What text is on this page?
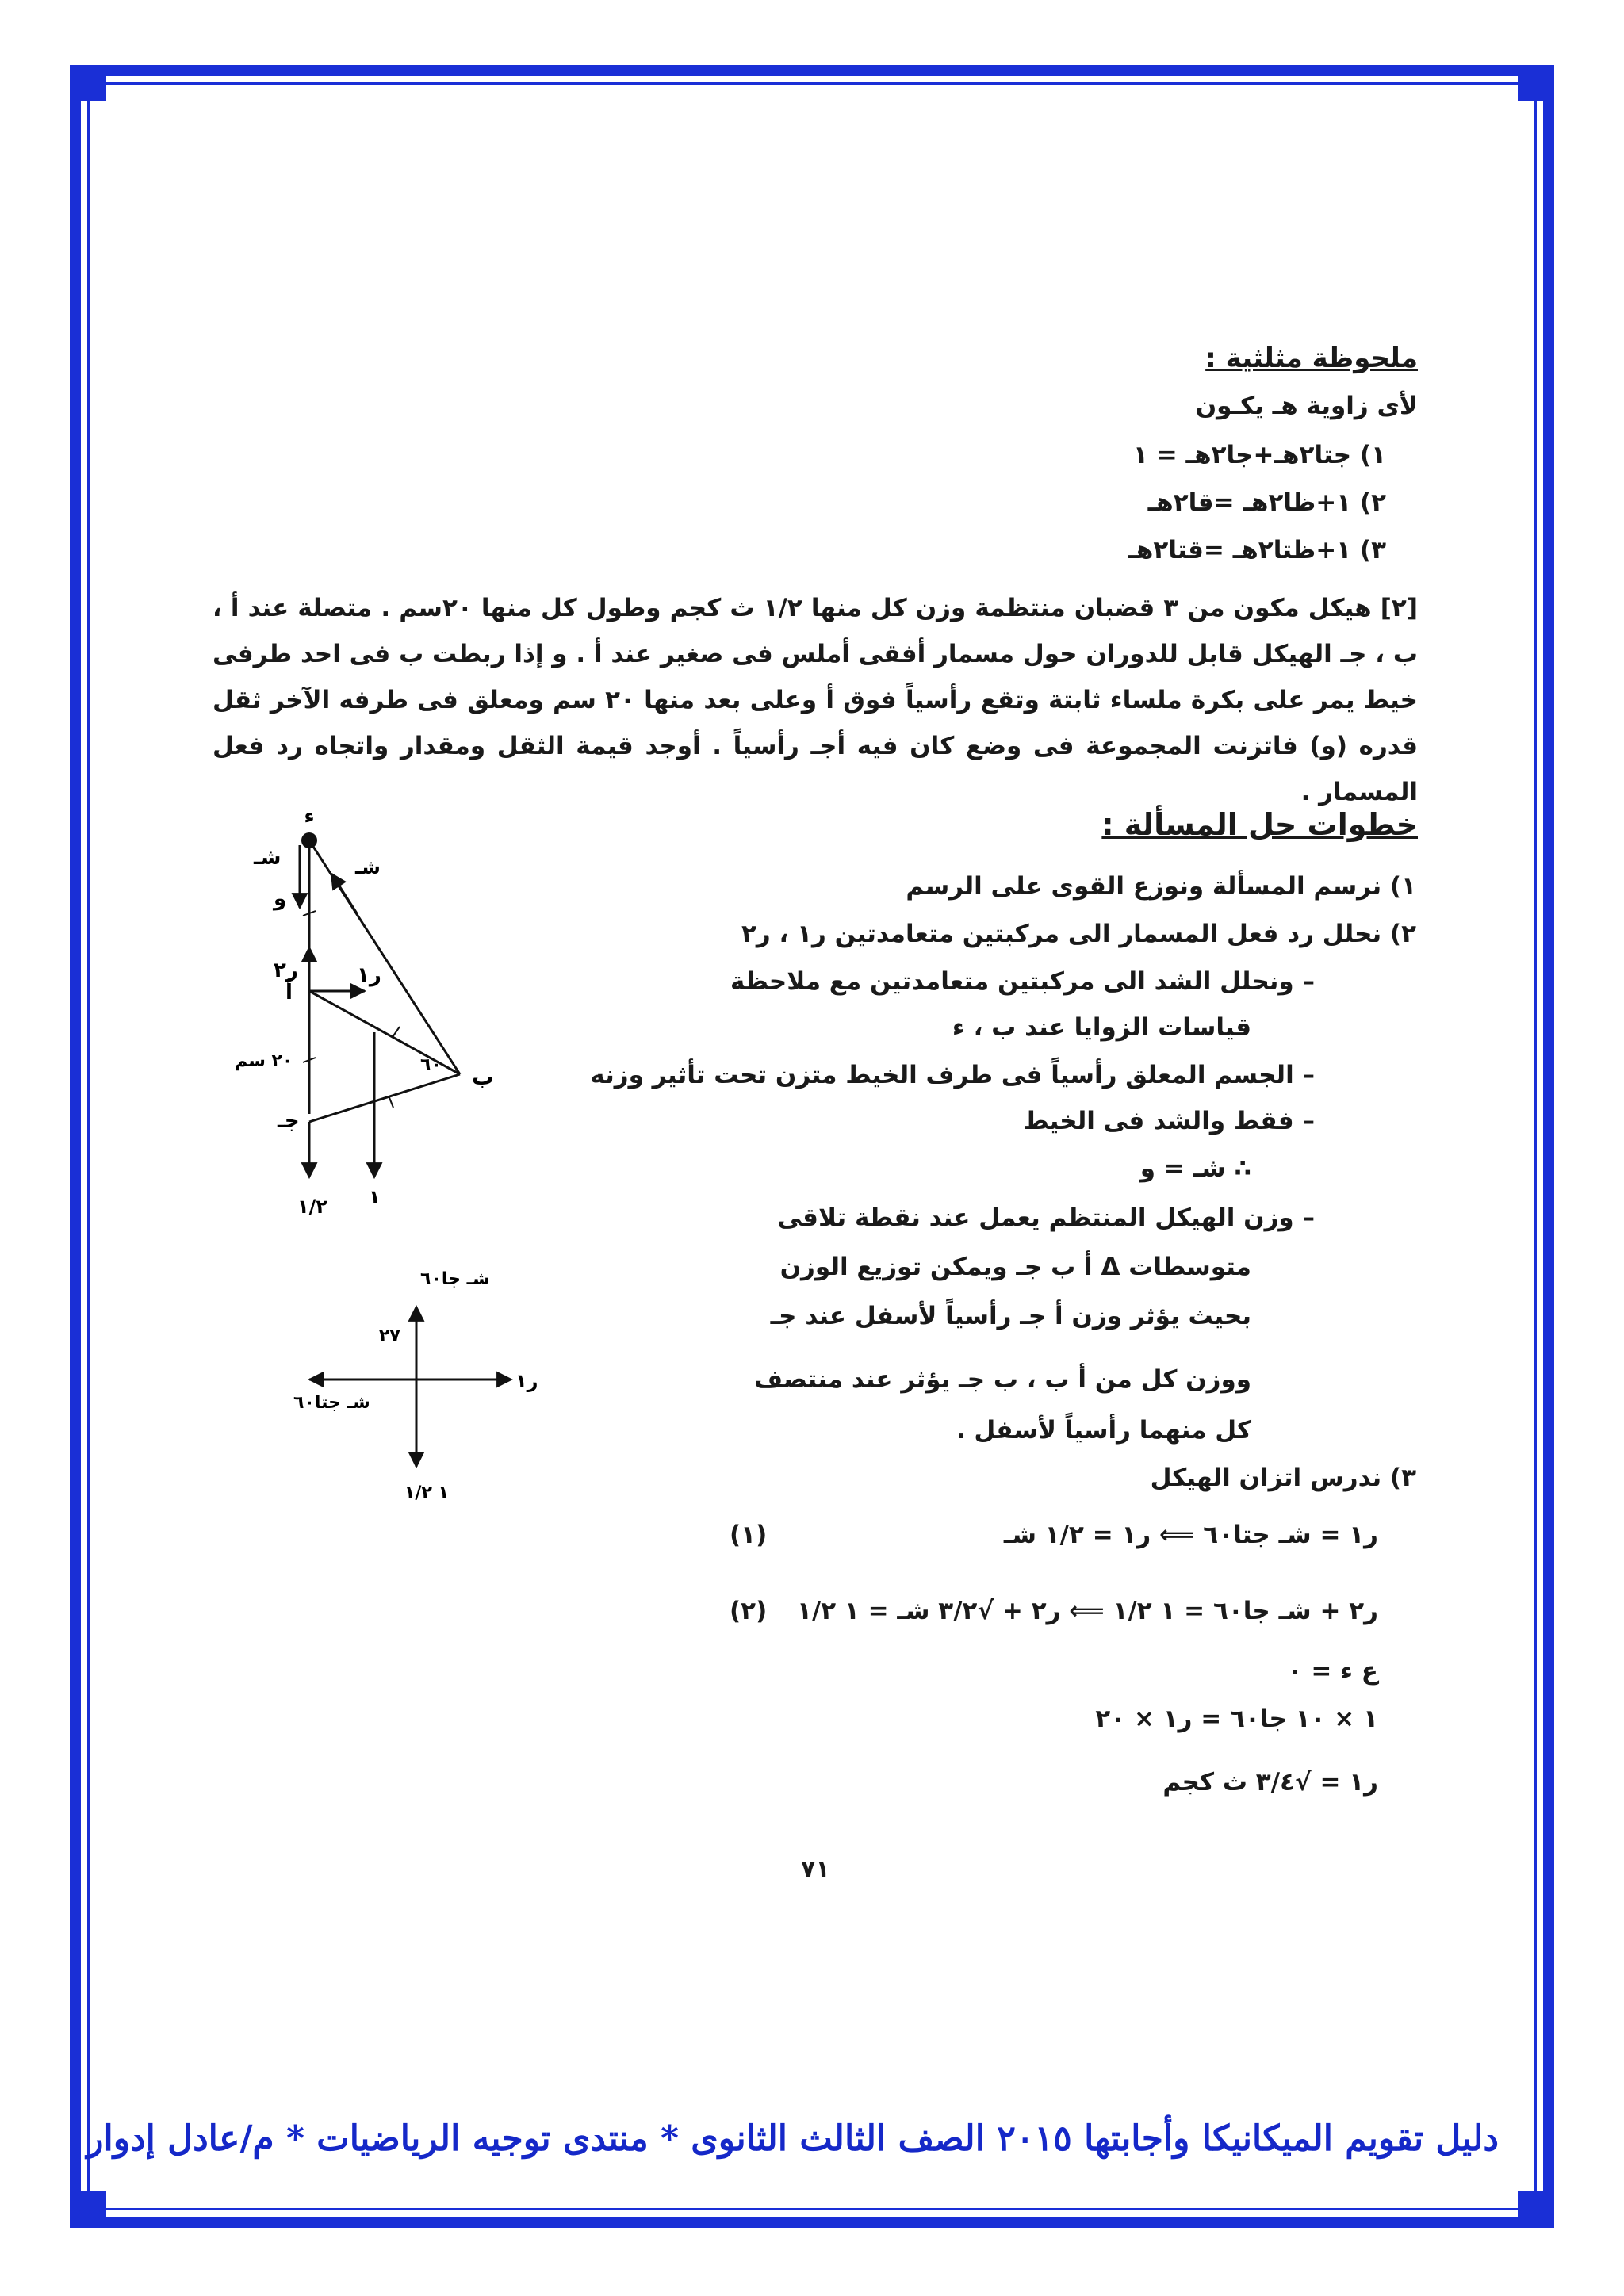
ملحوظة مثلثية :
لأى زاوية هـ يكـون
١) جتا٢هـ+جا٢هـ = ١
٢) ١+ظا٢هـ =قا٢هـ
٣) ١+ظتا٢هـ =قتا٢هـ
[٢] هيكل مكون من ٣ قضبان منتظمة وزن كل منها ١/٢ ث كجم وطول كل منها ٢٠سم . متصلة عند أ ، ب ، جـ الهيكل قابل للدوران حول مسمار أفقى أملس فى صغير عند أ . و إذا ربطت ب فى احد طرفى خيط يمر على بكرة ملساء ثابتة وتقع رأسياً فوق أ وعلى بعد منها ٢٠ سم ومعلق فى طرفه الآخر ثقل قدره (و) فاتزنت المجموعة فى وضع كان فيه أجـ رأسياً . أوجد قيمة الثقل ومقدار واتجاه رد فعل المسمار .
خطوات حل المسألة :
١) نرسم المسألة ونوزع القوى على الرسم
٢) نحلل رد فعل المسمار الى مركبتين متعامدتين ر١ ، ر٢
– ونحلل الشد الى مركبتين متعامدتين مع ملاحظة
قياسات الزوايا عند ب ، ء
– الجسم المعلق رأسياً فى طرف الخيط متزن تحت تأثير وزنه
– فقط والشد فى الخيط
∴ شـ = و
– وزن الهيكل المنتظم يعمل عند نقطة تلاقى
متوسطات Δ أ ب جـ ويمكن توزيع الوزن
بحيث يؤثر وزن أ جـ رأسياً لأسفل عند جـ
ووزن كل من أ ب ، ب جـ يؤثر عند منتصف
كل منهما رأسياً لأسفل .
٣) ندرس اتزان الهيكل
ر١ = شـ جتا٦٠ ⟸ ر١ = ١/٢ شـ
(١)
ر٢ + شـ جا٦٠ = ١ ١/٢ ⟸ ر٢ + √٣/٢ شـ = ١ ١/٢
(٢)
ع ء = ٠
١ × ١٠ جا٦٠ = ر١ × ٢٠
ر١ = √٣/٤ ث كجم
٧١
دليل تقويم الميكانيكا وأجابتها ٢٠١٥ الصف الثالث الثانوى * منتدى توجيه الرياضيات * م/عادل إدوار
ء
شـ	شـ
و
ر٢	ر١
أ
ب
جـ
٢٠ سم	٦٠
١/٢ ١
شـ جا٦٠
٢٧
شـ جتا٦٠
ر١
١ ١/٢
